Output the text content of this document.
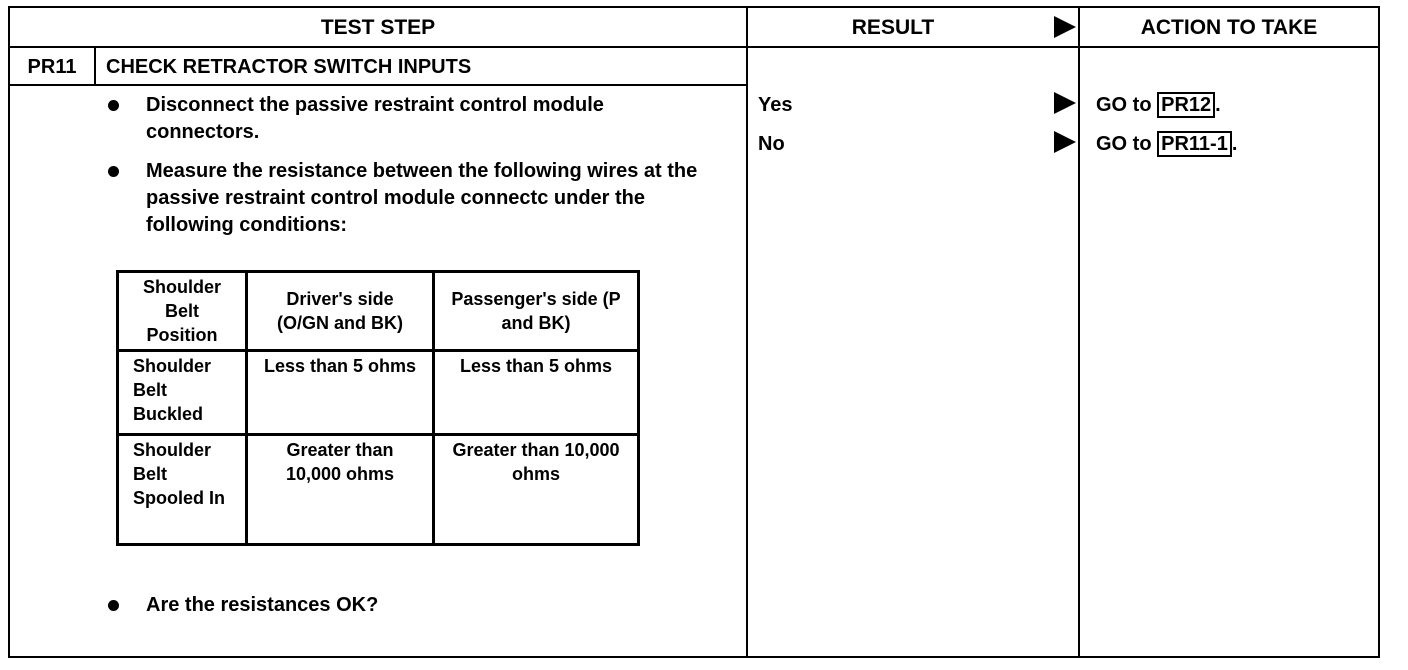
TEST STEP	RESULT	ACTION TO TAKE
PR11	CHECK RETRACTOR SWITCH INPUTS
Disconnect the passive restraint control module connectors.
Measure the resistance between the following wires at the passive restraint control module connectc under the following conditions:
Shoulder Belt Position	Driver's side (O/GN and BK)	Passenger's side (P and BK)
Shoulder Belt Buckled	Less than 5 ohms	Less than 5 ohms
Shoulder Belt Spooled In	Greater than 10,000 ohms	Greater than 10,000 ohms
Are the resistances OK?
Yes	GO to PR12 .
No	GO to PR11-1 .
